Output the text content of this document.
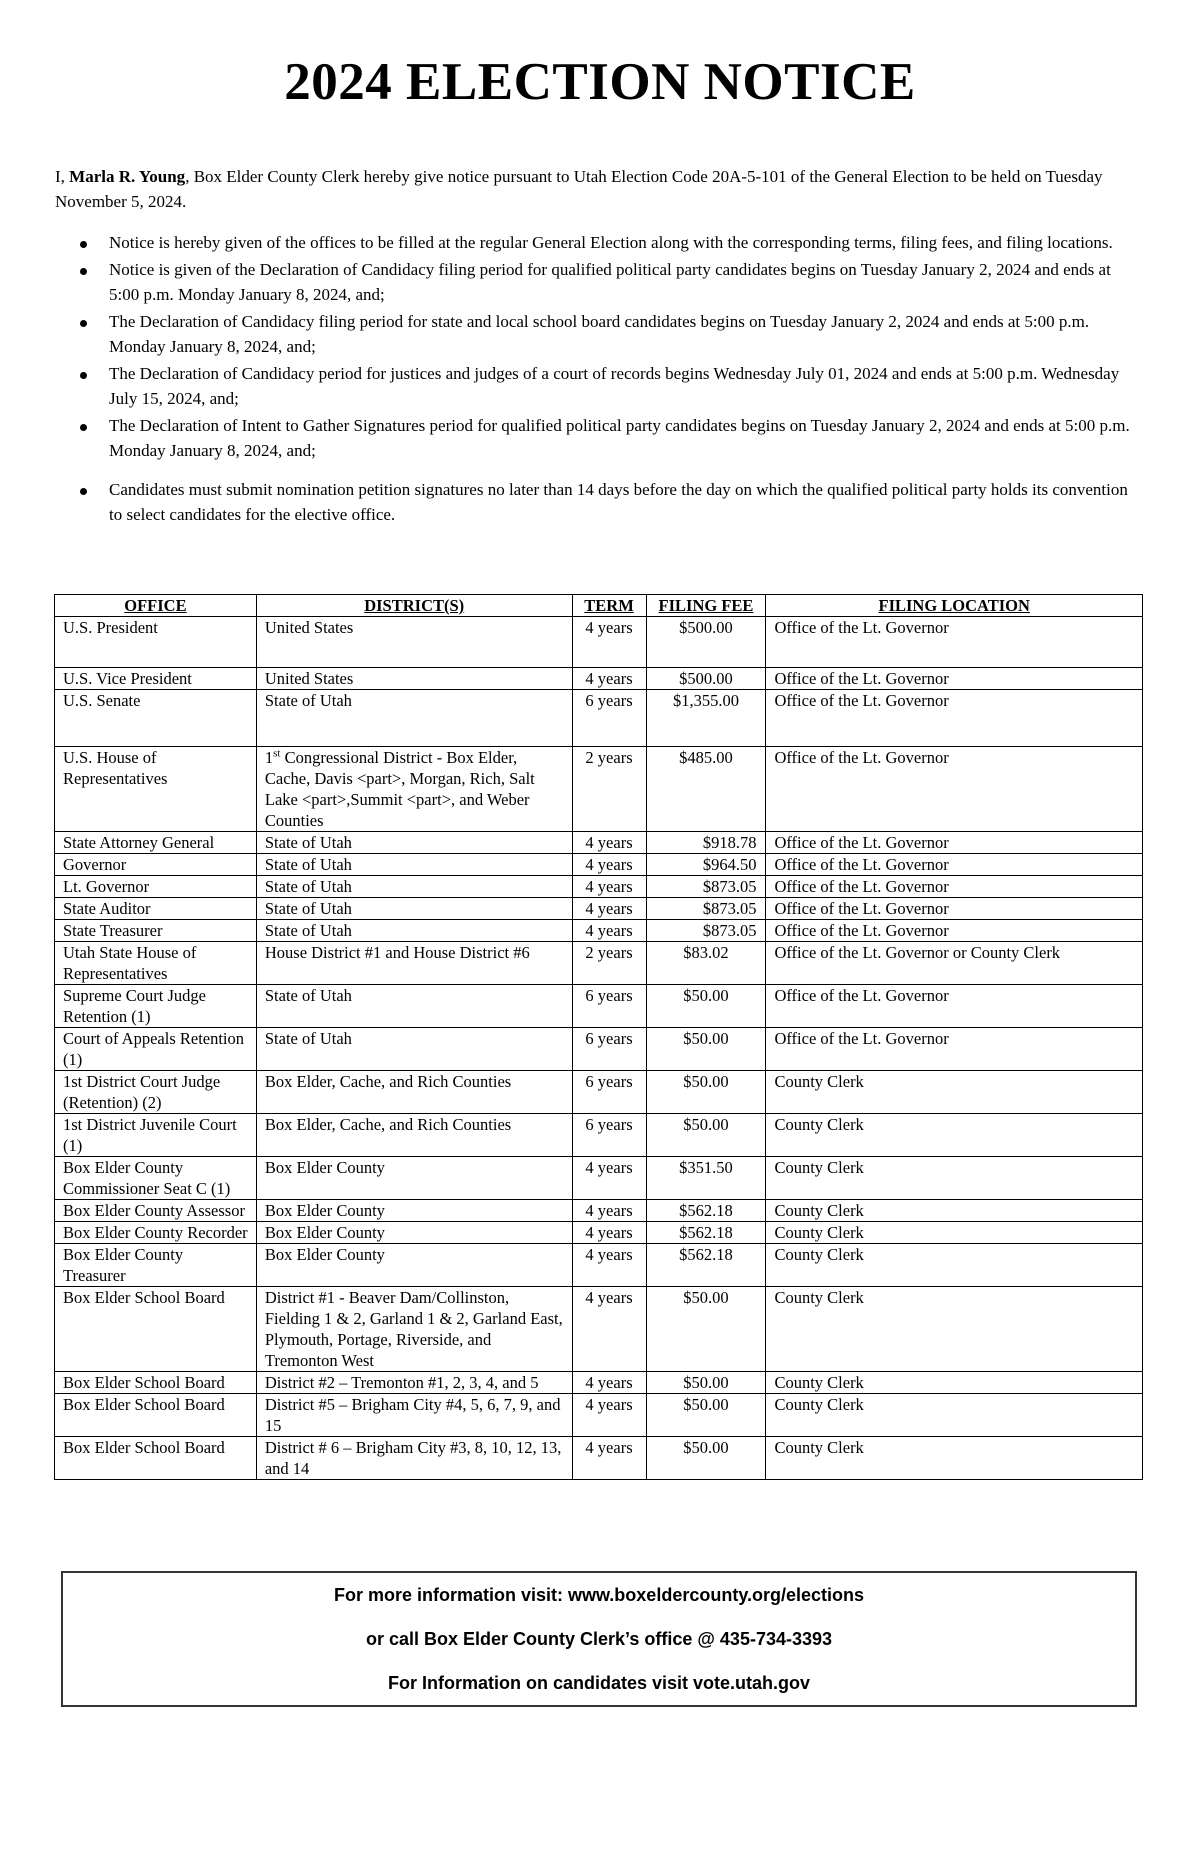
2024 ELECTION NOTICE

I, Marla R. Young, Box Elder County Clerk hereby give notice pursuant to Utah Election Code 20A-5-101 of the General Election to be held on Tuesday November 5, 2024.

Notice is hereby given of the offices to be filled at the regular General Election along with the corresponding terms, filing fees, and filing locations.
Notice is given of the Declaration of Candidacy filing period for qualified political party candidates begins on Tuesday January 2, 2024 and ends at 5:00 p.m. Monday January 8, 2024, and;
The Declaration of Candidacy filing period for state and local school board candidates begins on Tuesday January 2, 2024 and ends at 5:00 p.m. Monday January 8, 2024, and;
The Declaration of Candidacy period for justices and judges of a court of records begins Wednesday July 01, 2024 and ends at 5:00 p.m. Wednesday July 15, 2024, and;
The Declaration of Intent to Gather Signatures period for qualified political party candidates begins on Tuesday January 2, 2024 and ends at 5:00 p.m. Monday January 8, 2024, and;
Candidates must submit nomination petition signatures no later than 14 days before the day on which the qualified political party holds its convention to select candidates for the elective office.
OFFICE	DISTRICT(S)	TERM	FILING FEE	FILING LOCATION
U.S. President	United States	4 years	$500.00	Office of the Lt. Governor
U.S. Vice President	United States	4 years	$500.00	Office of the Lt. Governor
U.S. Senate	State of Utah	6 years	$1,355.00	Office of the Lt. Governor
U.S. House of Representatives	1st Congressional District - Box Elder, Cache, Davis <part>, Morgan, Rich, Salt Lake <part>,Summit <part>, and Weber Counties	2 years	$485.00	Office of the Lt. Governor
State Attorney General	State of Utah	4 years	$918.78	Office of the Lt. Governor
Governor	State of Utah	4 years	$964.50	Office of the Lt. Governor
Lt. Governor	State of Utah	4 years	$873.05	Office of the Lt. Governor
State Auditor	State of Utah	4 years	$873.05	Office of the Lt. Governor
State Treasurer	State of Utah	4 years	$873.05	Office of the Lt. Governor
Utah State House of Representatives	House District #1 and House District #6	2 years	$83.02	Office of the Lt. Governor or County Clerk
Supreme Court Judge Retention (1)	State of Utah	6 years	$50.00	Office of the Lt. Governor
Court of Appeals Retention (1)	State of Utah	6 years	$50.00	Office of the Lt. Governor
1st District Court Judge (Retention) (2)	Box Elder, Cache, and Rich Counties	6 years	$50.00	County Clerk
1st District Juvenile Court (1)	Box Elder, Cache, and Rich Counties	6 years	$50.00	County Clerk
Box Elder County Commissioner Seat C (1)	Box Elder County	4 years	$351.50	County Clerk
Box Elder County Assessor	Box Elder County	4 years	$562.18	County Clerk
Box Elder County Recorder	Box Elder County	4 years	$562.18	County Clerk
Box Elder County Treasurer	Box Elder County	4 years	$562.18	County Clerk
Box Elder School Board	District #1 - Beaver Dam/Collinston, Fielding 1 & 2, Garland 1 & 2, Garland East, Plymouth, Portage, Riverside, and Tremonton West	4 years	$50.00	County Clerk
Box Elder School Board	District #2 – Tremonton #1, 2, 3, 4, and 5	4 years	$50.00	County Clerk
Box Elder School Board	District #5 – Brigham City #4, 5, 6, 7, 9, and 15	4 years	$50.00	County Clerk
Box Elder School Board	District # 6 – Brigham City #3, 8, 10, 12, 13, and 14	4 years	$50.00	County Clerk

For more information visit: www.boxeldercounty.org/elections

or call Box Elder County Clerk’s office @ 435-734-3393

For Information on candidates visit vote.utah.gov
